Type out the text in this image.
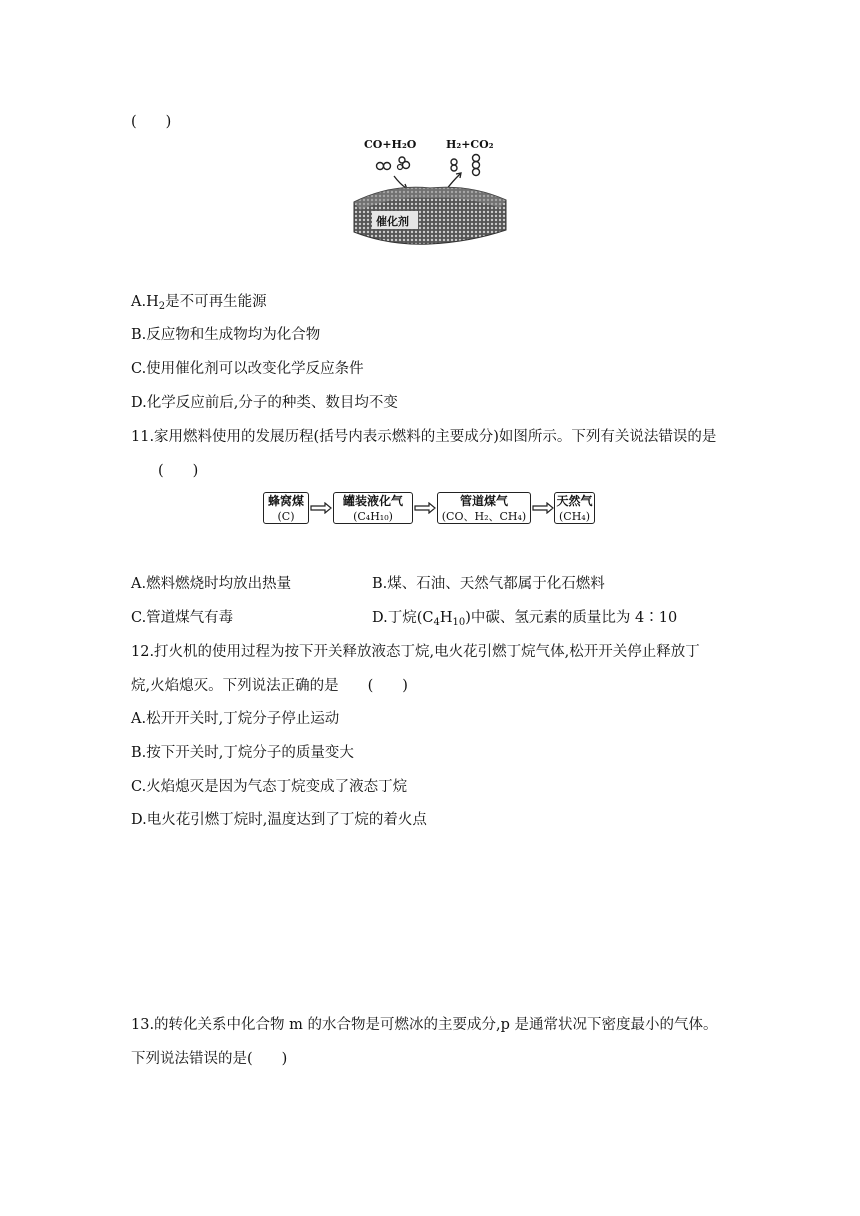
(　　)
CO+H₂O	H₂+CO₂
催化剂
$A.H_2$是不可再生能源
B.反应物和生成物均为化合物
C.使用催化剂可以改变化学反应条件
D.化学反应前后,分子的种类、数目均不变
11.家用燃料使用的发展历程(括号内表示燃料的主要成分)如图所示。下列有关说法错误的是
(　　)
蜂窝煤
(C)
罐装液化气
(C₄H₁₀)
管道煤气
(CO、H₂、CH₄)
天然气
(CH₄)
A.燃料燃烧时均放出热量	B.煤、石油、天然气都属于化石燃料
C.管道煤气有毒	D.丁烷$(C_4H_{10})$中碳、氢元素的质量比为 4∶10
12.打火机的使用过程为按下开关释放液态丁烷,电火花引燃丁烷气体,松开开关停止释放丁
烷,火焰熄灭。下列说法正确的是　　(　　)
A.松开开关时,丁烷分子停止运动
B.按下开关时,丁烷分子的质量变大
C.火焰熄灭是因为气态丁烷变成了液态丁烷
D.电火花引燃丁烷时,温度达到了丁烷的着火点
13.的转化关系中化合物 m 的水合物是可燃冰的主要成分,p 是通常状况下密度最小的气体。
下列说法错误的是(　　)
